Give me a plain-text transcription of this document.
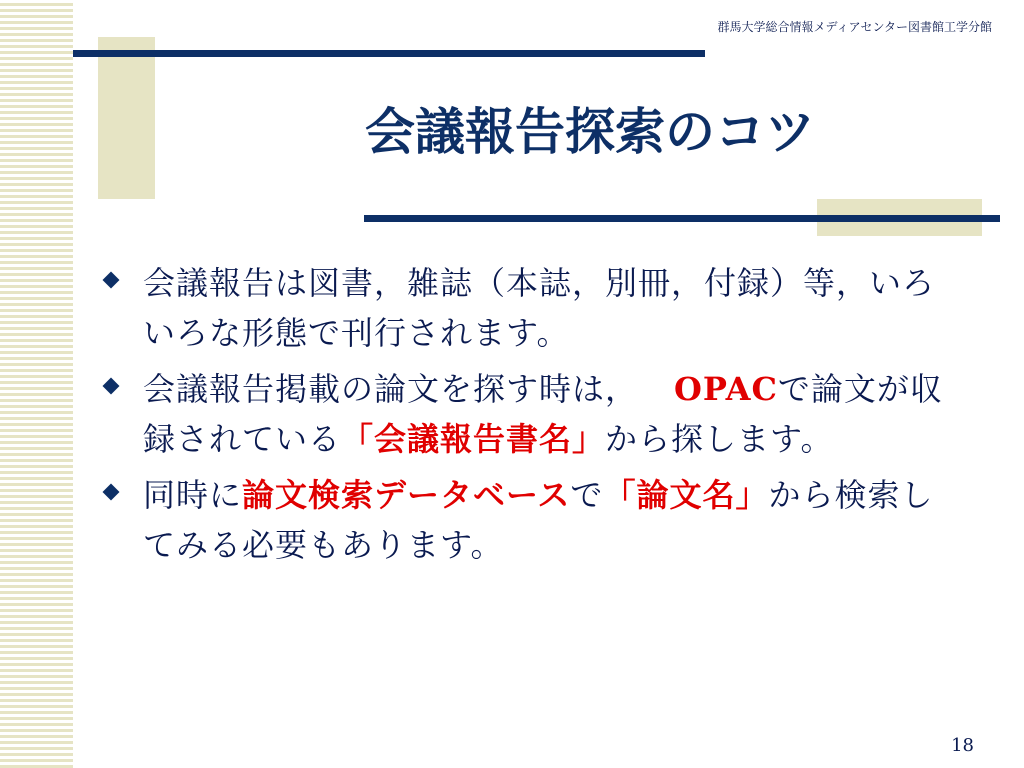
群馬大学総合情報メディアセンター図書館工学分館
会議報告探索のコツ
会議報告は図書，雑誌（本誌，別冊，付録）等，いろいろな形態で刊行されます。
会議報告掲載の論文を探す時は， OPACで論文が収録されている「会議報告書名」から探します。
同時に論文検索データベースで「論文名」から検索してみる必要もあります。
18
